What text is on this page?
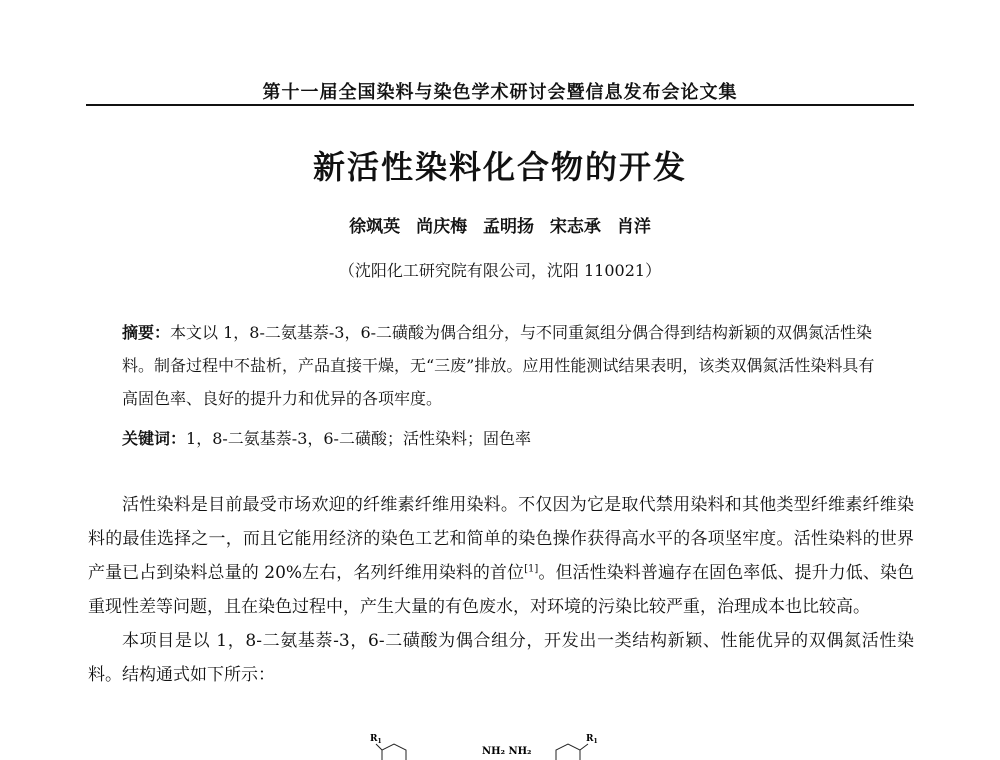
第十一届全国染料与染色学术研讨会暨信息发布会论文集
新活性染料化合物的开发
徐飒英 尚庆梅 孟明扬 宋志承 肖洋
（沈阳化工研究院有限公司，沈阳 110021）

摘要：本文以 1，8-二氨基萘-3，6-二磺酸为偶合组分，与不同重氮组分偶合得到结构新颖的双偶氮活性染料。制备过程中不盐析，产品直接干燥，无“三废”排放。应用性能测试结果表明，该类双偶氮活性染料具有高固色率、良好的提升力和优异的各项牢度。

关键词：1，8-二氨基萘-3，6-二磺酸；活性染料；固色率

活性染料是目前最受市场欢迎的纤维素纤维用染料。不仅因为它是取代禁用染料和其他类型纤维素纤维染料的最佳选择之一，而且它能用经济的染色工艺和简单的染色操作获得高水平的各项坚牢度。活性染料的世界产量已占到染料总量的 20%左右，名列纤维用染料的首位[1]。但活性染料普遍存在固色率低、提升力低、染色重现性差等问题，且在染色过程中，产生大量的有色废水，对环境的污染比较严重，治理成本也比较高。

本项目是以 1，8-二氨基萘-3，6-二磺酸为偶合组分，开发出一类结构新颖、性能优异的双偶氮活性染料。结构通式如下所示：

$R_1$
NH₂ NH₂
$R_1$
